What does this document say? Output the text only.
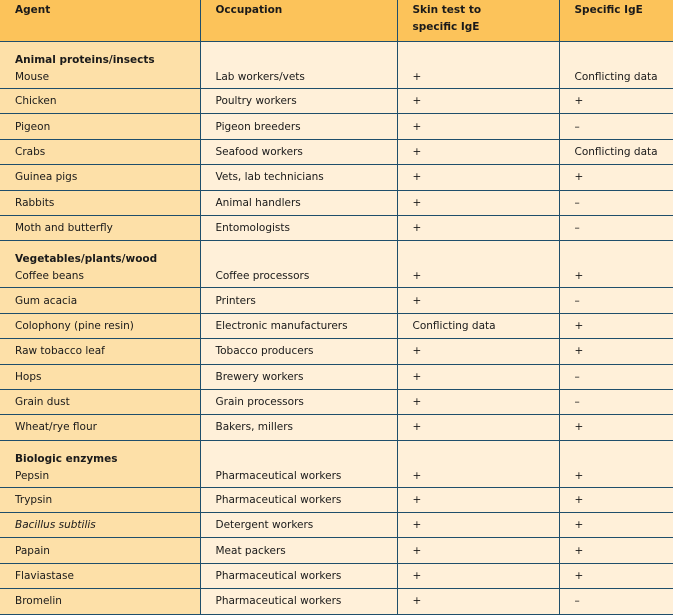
Agent	Occupation	Skin test to specific IgE	Specific IgE

Animal proteins/insects
Mouse	Lab workers/vets	+	Conflicting data
Chicken	Poultry workers	+	+
Pigeon	Pigeon breeders	+	–
Crabs	Seafood workers	+	Conflicting data
Guinea pigs	Vets, lab technicians	+	+
Rabbits	Animal handlers	+	–
Moth and butterfly	Entomologists	+	–

Vegetables/plants/wood
Coffee beans	Coffee processors	+	+
Gum acacia	Printers	+	–
Colophony (pine resin)	Electronic manufacturers	Conflicting data	+
Raw tobacco leaf	Tobacco producers	+	+
Hops	Brewery workers	+	–
Grain dust	Grain processors	+	–
Wheat/rye flour	Bakers, millers	+	+

Biologic enzymes
Pepsin	Pharmaceutical workers	+	+
Trypsin	Pharmaceutical workers	+	+
Bacillus subtilis	Detergent workers	+	+
Papain	Meat packers	+	+
Flaviastase	Pharmaceutical workers	+	+
Bromelin	Pharmaceutical workers	+	–
